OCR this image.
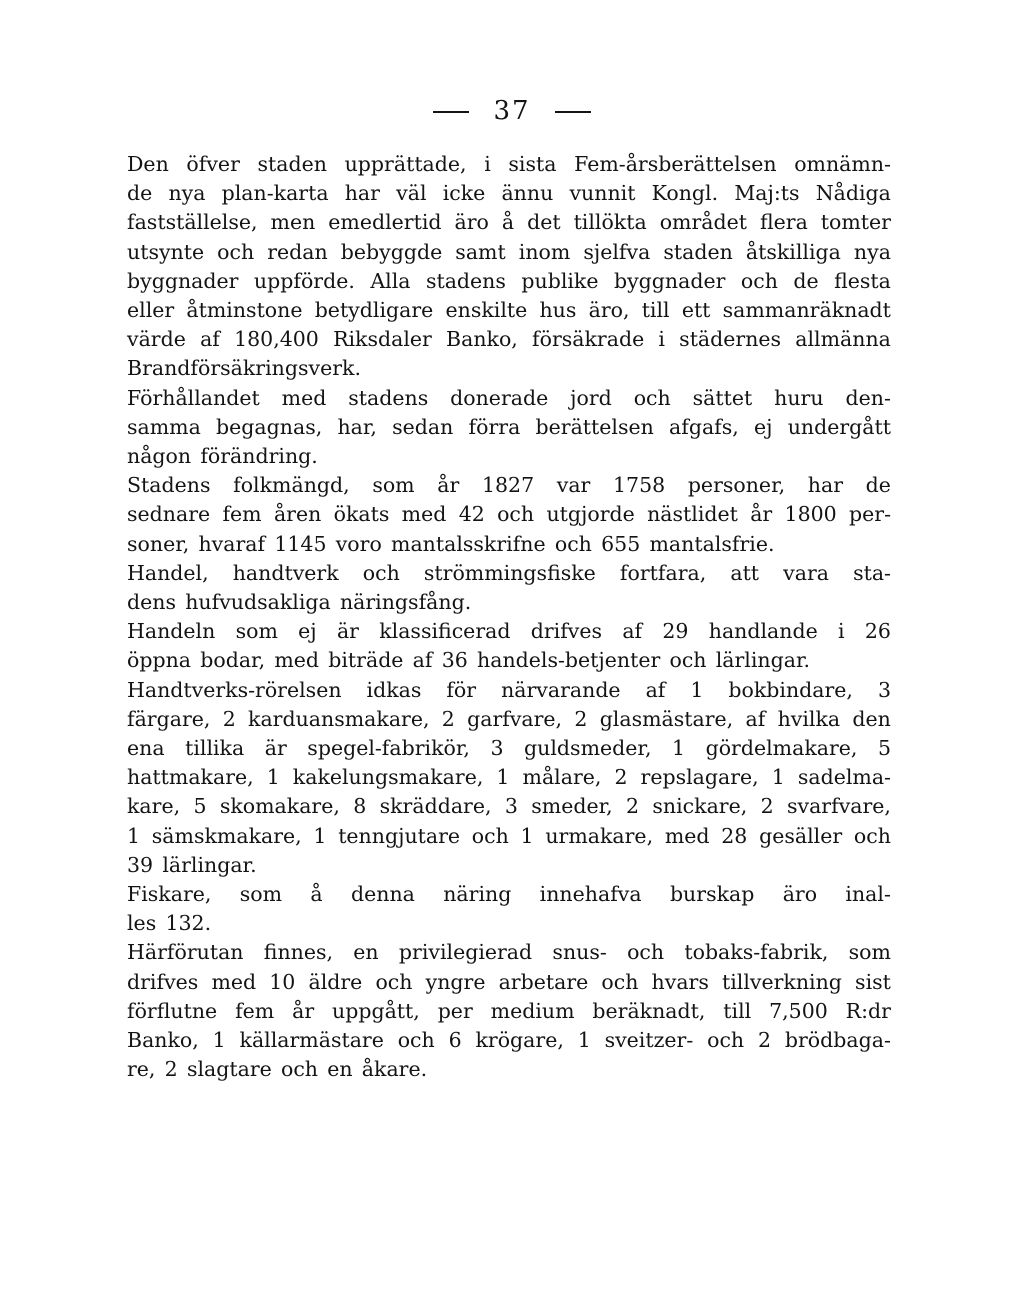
37
Den öfver staden upprättade, i sista Fem-årsberättelsen omnämn-
de nya plan-karta har väl icke ännu vunnit Kongl. Maj:ts Nådiga
fastställelse, men emedlertid äro å det tillökta området flera tomter
utsynte och redan bebyggde samt inom sjelfva staden åtskilliga nya
byggnader uppförde. Alla stadens publike byggnader och de flesta
eller åtminstone betydligare enskilte hus äro, till ett sammanräknadt
värde af 180,400 Riksdaler Banko, försäkrade i städernes allmänna
Brandförsäkringsverk.
Förhållandet med stadens donerade jord och sättet huru den-
samma begagnas, har, sedan förra berättelsen afgafs, ej undergått
någon förändring.
Stadens folkmängd, som år 1827 var 1758 personer, har de
sednare fem åren ökats med 42 och utgjorde nästlidet år 1800 per-
soner, hvaraf 1145 voro mantalsskrifne och 655 mantalsfrie.
Handel, handtverk och strömmingsfiske fortfara, att vara sta-
dens hufvudsakliga näringsfång.
Handeln som ej är klassificerad drifves af 29 handlande i 26
öppna bodar, med biträde af 36 handels-betjenter och lärlingar.
Handtverks-rörelsen idkas för närvarande af 1 bokbindare, 3
färgare, 2 karduansmakare, 2 garfvare, 2 glasmästare, af hvilka den
ena tillika är spegel-fabrikör, 3 guldsmeder, 1 gördelmakare, 5
hattmakare, 1 kakelungsmakare, 1 målare, 2 repslagare, 1 sadelma-
kare, 5 skomakare, 8 skräddare, 3 smeder, 2 snickare, 2 svarfvare,
1 sämskmakare, 1 tenngjutare och 1 urmakare, med 28 gesäller och
39 lärlingar.
Fiskare, som å denna näring innehafva burskap äro inal-
les 132.
Härförutan finnes, en privilegierad snus- och tobaks-fabrik, som
drifves med 10 äldre och yngre arbetare och hvars tillverkning sist
förflutne fem år uppgått, per medium beräknadt, till 7,500 R:dr
Banko, 1 källarmästare och 6 krögare, 1 sveitzer- och 2 brödbaga-
re, 2 slagtare och en åkare.
